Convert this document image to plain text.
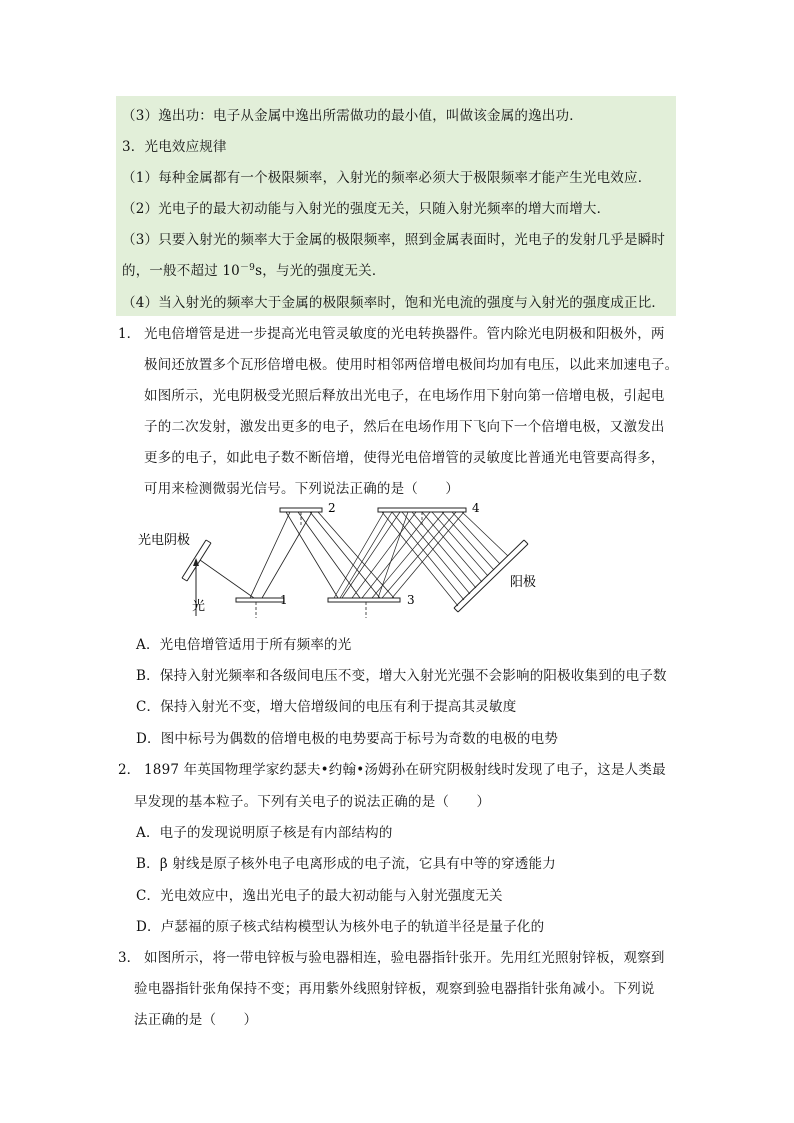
（3）逸出功：电子从金属中逸出所需做功的最小值，叫做该金属的逸出功．
3．光电效应规律
（1）每种金属都有一个极限频率，入射光的频率必须大于极限频率才能产生光电效应．
（2）光电子的最大初动能与入射光的强度无关，只随入射光频率的增大而增大．
（3）只要入射光的频率大于金属的极限频率，照到金属表面时，光电子的发射几乎是瞬时
的，一般不超过 $10^{-9}s$，与光的强度无关．
（4）当入射光的频率大于金属的极限频率时，饱和光电流的强度与入射光的强度成正比．
1． 光电倍增管是进一步提高光电管灵敏度的光电转换器件。管内除光电阴极和阳极外，两
极间还放置多个瓦形倍增电极。使用时相邻两倍增电极间均加有电压，以此来加速电子。
如图所示，光电阴极受光照后释放出光电子，在电场作用下射向第一倍增电极，引起电
子的二次发射，激发出更多的电子，然后在电场作用下飞向下一个倍增电极，又激发出
更多的电子，如此电子数不断倍增，使得光电倍增管的灵敏度比普通光电管要高得多，
可用来检测微弱光信号。下列说法正确的是（　　）
光电阴极
光	1
2
3
4
阳极
A．光电倍增管适用于所有频率的光
B．保持入射光频率和各级间电压不变，增大入射光光强不会影响的阳极收集到的电子数
C．保持入射光不变，增大倍增级间的电压有利于提高其灵敏度
D．图中标号为偶数的倍增电极的电势要高于标号为奇数的电极的电势
2． 1897 年英国物理学家约瑟夫•约翰•汤姆孙在研究阴极射线时发现了电子，这是人类最
早发现的基本粒子。下列有关电子的说法正确的是（　　）
A．电子的发现说明原子核是有内部结构的
B．β 射线是原子核外电子电离形成的电子流，它具有中等的穿透能力
C．光电效应中，逸出光电子的最大初动能与入射光强度无关
D．卢瑟福的原子核式结构模型认为核外电子的轨道半径是量子化的
3． 如图所示，将一带电锌板与验电器相连，验电器指针张开。先用红光照射锌板，观察到
验电器指针张角保持不变；再用紫外线照射锌板，观察到验电器指针张角减小。下列说
法正确的是（　　）
